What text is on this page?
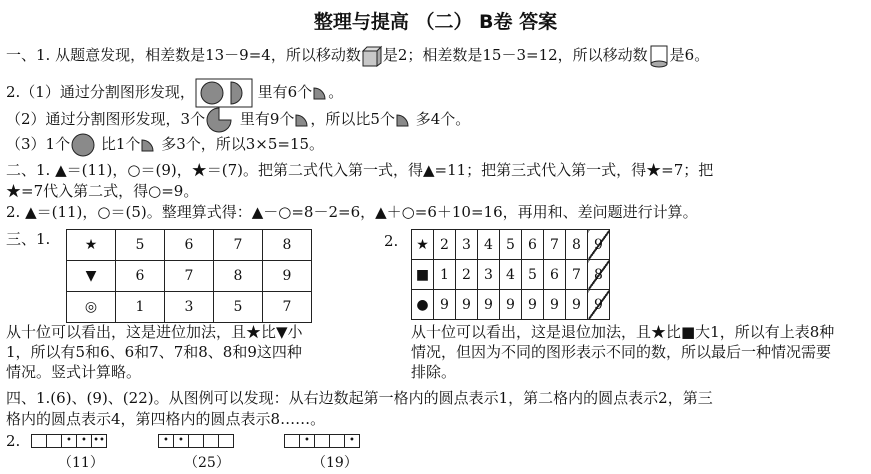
整理与提高 （二） B卷 答案
一、1. 从题意发现，相差数是13－9=4，所以移动数 是2；相差数是15－3=12，所以移动数 是6。
2.（1）通过分割图形发现，	里有6个 。
（2）通过分割图形发现，3个 里有9个 ，所以比5个 多4个。
（3）1个 比1个 多3个，所以3×5=15。
二、1. ▲＝(11)，○＝(9)，★＝(7)。把第二式代入第一式，得▲=11；把第三式代入第一式，得★=7；把
★=7代入第二式，得○=9。
2. ▲＝(11)，○＝(5)。整理算式得：▲－○=8－2=6，▲＋○=6＋10=16，再用和、差问题进行计算。
三、1.	2.
★	5	6	7	8
▼	6	7	8	9
◎	1	3	5	7
★	2	3	4	5	6	7	8	9
■	1	2	3	4	5	6	7	8
●	9	9	9	9	9	9	9	9
从十位可以看出，这是进位加法，且★比▼小1，所以有5和6、6和7、7和8、8和9这四种情况。竖式计算略。
从十位可以看出，这是退位加法，且★比■大1，所以有上表8种情况，但因为不同的图形表示不同的数，所以最后一种情况需要排除。
四、1.(6)、(9)、(22)。从图例可以发现：从右边数起第一格内的圆点表示1，第二格内的圆点表示2，第三
格内的圆点表示4，第四格内的圆点表示8……。
2.	• • ••	• •	•	•
（11）	（25）	（19）
